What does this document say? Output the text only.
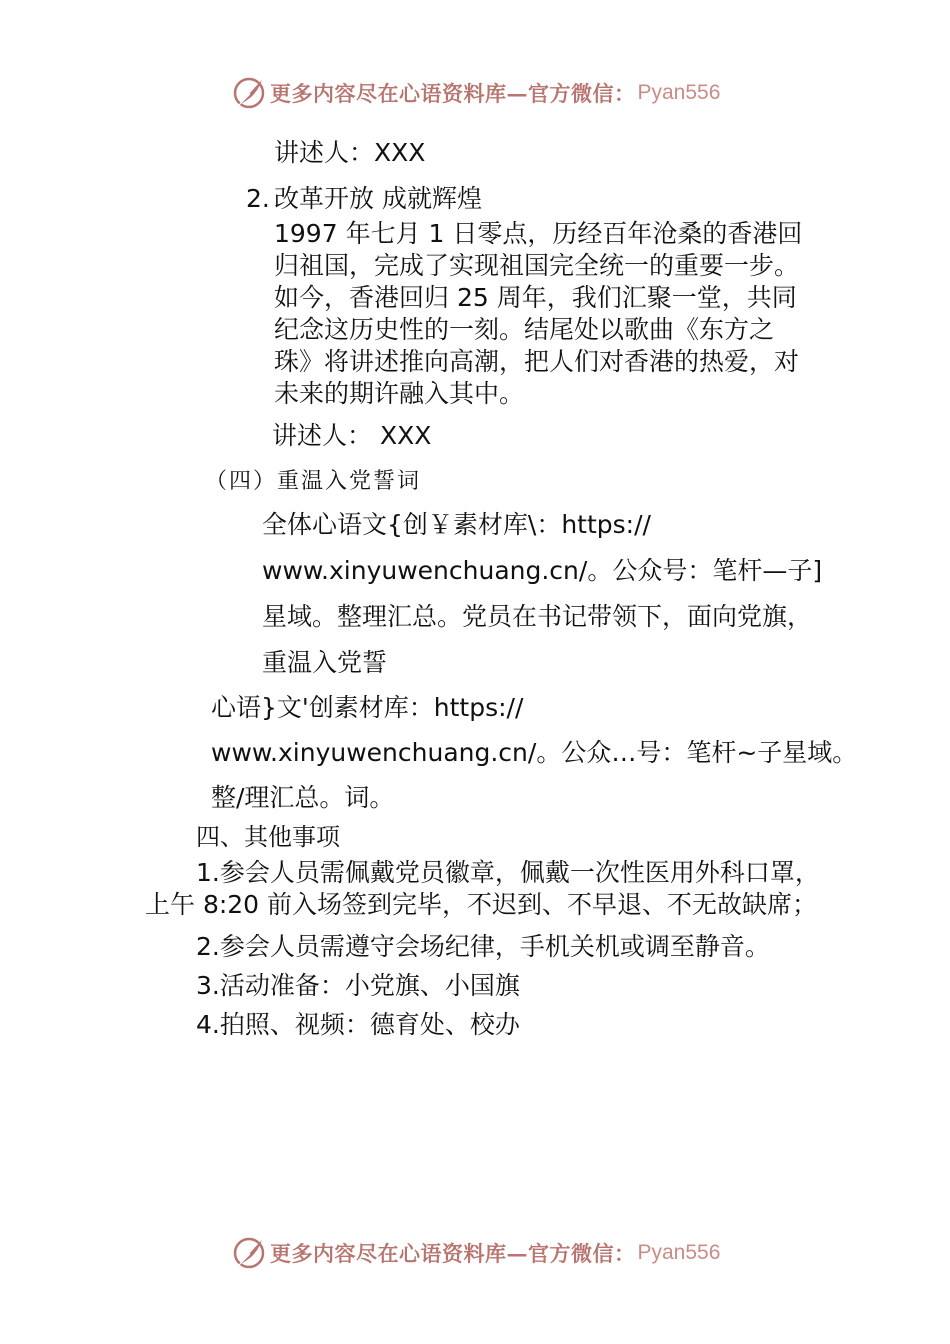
更多内容尽在心语资料库—官方微信： Pyan556
讲述人：XXX
2. 改革开放 成就辉煌
1997 年七月 1 日零点，历经百年沧桑的香港回
归祖国，完成了实现祖国完全统一的重要一步。
如今，香港回归 25 周年，我们汇聚一堂，共同
纪念这历史性的一刻。结尾处以歌曲《东方之
珠》将讲述推向高潮，把人们对香港的热爱，对
未来的期许融入其中。
讲述人： XXX
（四）重温入党誓词
全体心语文{创￥素材库\：https://
www.xinyuwenchuang.cn/。公众号：笔杆—子]
星域。整理汇总。党员在书记带领下，面向党旗，
重温入党誓
心语}文'创素材库：https://
www.xinyuwenchuang.cn/。公众…号：笔杆~子星域。
整/理汇总。词。
四、其他事项
1.参会人员需佩戴党员徽章，佩戴一次性医用外科口罩，
上午 8:20 前入场签到完毕，不迟到、不早退、不无故缺席；
2.参会人员需遵守会场纪律，手机关机或调至静音。
3.活动准备：小党旗、小国旗
4.拍照、视频：德育处、校办
更多内容尽在心语资料库—官方微信： Pyan556
